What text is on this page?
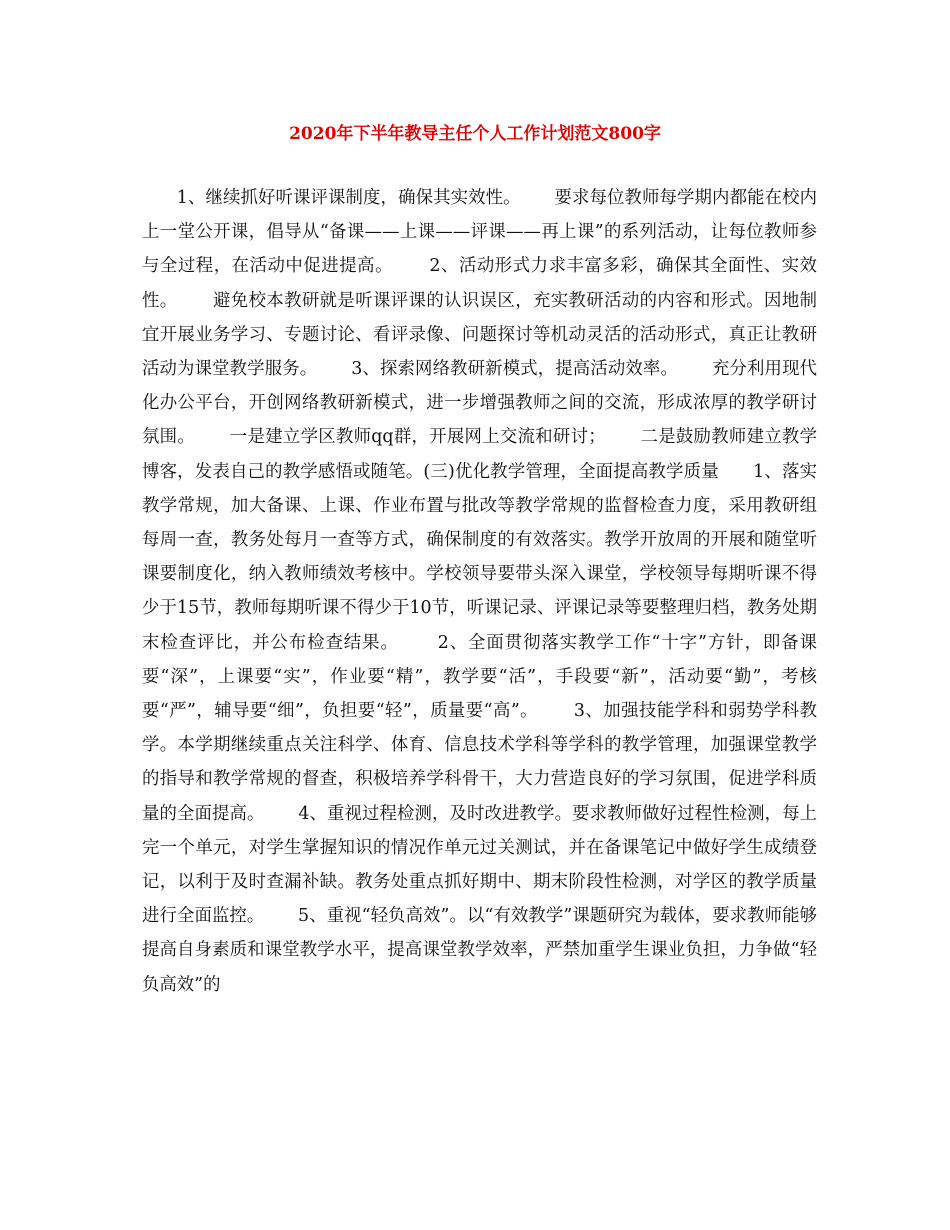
2020年下半年教导主任个人工作计划范文800字

1、继续抓好听课评课制度，确保其实效性。      要求每位教师每学期内都能在校内上一堂公开课，倡导从“备课——上课——评课——再上课”的系列活动，让每位教师参与全过程，在活动中促进提高。      2、活动形式力求丰富多彩，确保其全面性、实效性。      避免校本教研就是听课评课的认识误区，充实教研活动的内容和形式。因地制宜开展业务学习、专题讨论、看评录像、问题探讨等机动灵活的活动形式，真正让教研活动为课堂教学服务。      3、探索网络教研新模式，提高活动效率。      充分利用现代化办公平台，开创网络教研新模式，进一步增强教师之间的交流，形成浓厚的教学研讨氛围。      一是建立学区教师qq群，开展网上交流和研讨；      二是鼓励教师建立教学博客，发表自己的教学感悟或随笔。(三)优化教学管理，全面提高教学质量      1、落实教学常规，加大备课、上课、作业布置与批改等教学常规的监督检查力度，采用教研组每周一查，教务处每月一查等方式，确保制度的有效落实。教学开放周的开展和随堂听课要制度化，纳入教师绩效考核中。学校领导要带头深入课堂，学校领导每期听课不得少于15节，教师每期听课不得少于10节，听课记录、评课记录等要整理归档，教务处期末检查评比，并公布检查结果。      2、全面贯彻落实教学工作“十字”方针，即备课要“深”，上课要“实”，作业要“精”，教学要“活”，手段要“新”，活动要“勤”，考核要“严”，辅导要“细”，负担要“轻”，质量要“高”。      3、加强技能学科和弱势学科教学。本学期继续重点关注科学、体育、信息技术学科等学科的教学管理，加强课堂教学的指导和教学常规的督查，积极培养学科骨干，大力营造良好的学习氛围，促进学科质量的全面提高。      4、重视过程检测，及时改进教学。要求教师做好过程性检测，每上完一个单元，对学生掌握知识的情况作单元过关测试，并在备课笔记中做好学生成绩登记，以利于及时查漏补缺。教务处重点抓好期中、期末阶段性检测，对学区的教学质量进行全面监控。      5、重视“轻负高效”。以“有效教学”课题研究为载体，要求教师能够提高自身素质和课堂教学水平，提高课堂教学效率，严禁加重学生课业负担，力争做“轻负高效”的
